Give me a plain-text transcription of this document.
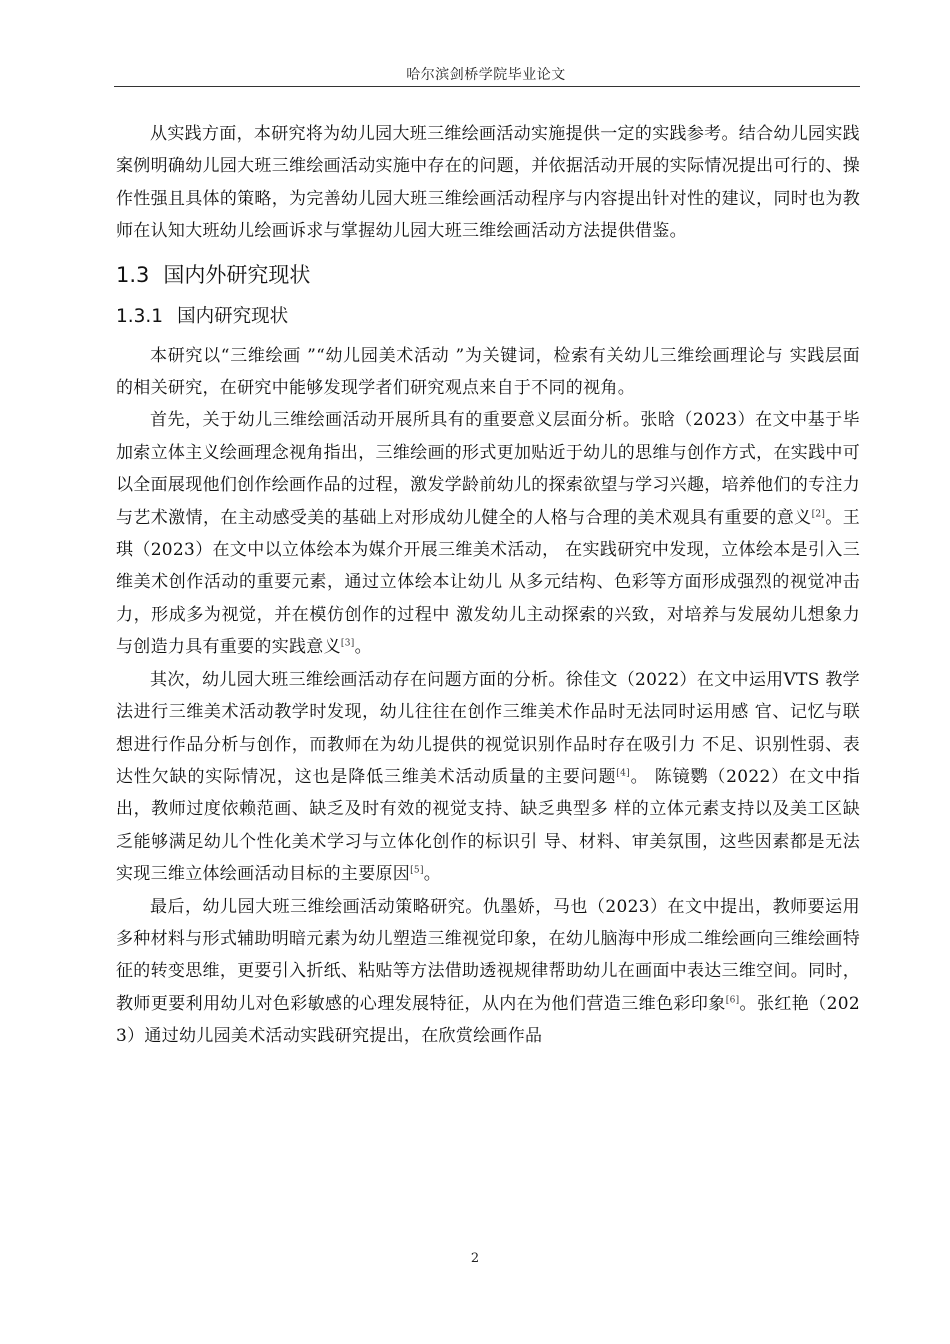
哈尔滨剑桥学院毕业论文

从实践方面，本研究将为幼儿园大班三维绘画活动实施提供一定的实践参考。结合幼儿园实践案例明确幼儿园大班三维绘画活动实施中存在的问题，并依据活动开展的实际情况提出可行的、操作性强且具体的策略，为完善幼儿园大班三维绘画活动程序与内容提出针对性的建议，同时也为教师在认知大班幼儿绘画诉求与掌握幼儿园大班三维绘画活动方法提供借鉴。

1.3 国内外研究现状
1.3.1 国内研究现状

本研究以“三维绘画 ”“幼儿园美术活动 ”为关键词，检索有关幼儿三维绘画理论与 实践层面的相关研究，在研究中能够发现学者们研究观点来自于不同的视角。

首先，关于幼儿三维绘画活动开展所具有的重要意义层面分析。张晗（2023）在文中基于毕加索立体主义绘画理念视角指出，三维绘画的形式更加贴近于幼儿的思维与创作方式，在实践中可以全面展现他们创作绘画作品的过程，激发学龄前幼儿的探索欲望与学习兴趣，培养他们的专注力与艺术激情，在主动感受美的基础上对形成幼儿健全的人格与合理的美术观具有重要的意义[2]。王琪（2023）在文中以立体绘本为媒介开展三维美术活动， 在实践研究中发现，立体绘本是引入三维美术创作活动的重要元素，通过立体绘本让幼儿 从多元结构、色彩等方面形成强烈的视觉冲击力，形成多为视觉，并在模仿创作的过程中 激发幼儿主动探索的兴致，对培养与发展幼儿想象力与创造力具有重要的实践意义[3]。

其次，幼儿园大班三维绘画活动存在问题方面的分析。徐佳文（2022）在文中运用VTS 教学法进行三维美术活动教学时发现，幼儿往往在创作三维美术作品时无法同时运用感 官、记忆与联想进行作品分析与创作，而教师在为幼儿提供的视觉识别作品时存在吸引力 不足、识别性弱、表达性欠缺的实际情况，这也是降低三维美术活动质量的主要问题[4]。 陈镜鹦（2022）在文中指出，教师过度依赖范画、缺乏及时有效的视觉支持、缺乏典型多 样的立体元素支持以及美工区缺乏能够满足幼儿个性化美术学习与立体化创作的标识引 导、材料、审美氛围，这些因素都是无法实现三维立体绘画活动目标的主要原因[5]。

最后，幼儿园大班三维绘画活动策略研究。仇墨娇，马也（2023）在文中提出，教师要运用多种材料与形式辅助明暗元素为幼儿塑造三维视觉印象，在幼儿脑海中形成二维绘画向三维绘画特征的转变思维，更要引入折纸、粘贴等方法借助透视规律帮助幼儿在画面中表达三维空间。同时，教师更要利用幼儿对色彩敏感的心理发展特征，从内在为他们营造三维色彩印象[6]。张红艳（2023）通过幼儿园美术活动实践研究提出，在欣赏绘画作品

2
